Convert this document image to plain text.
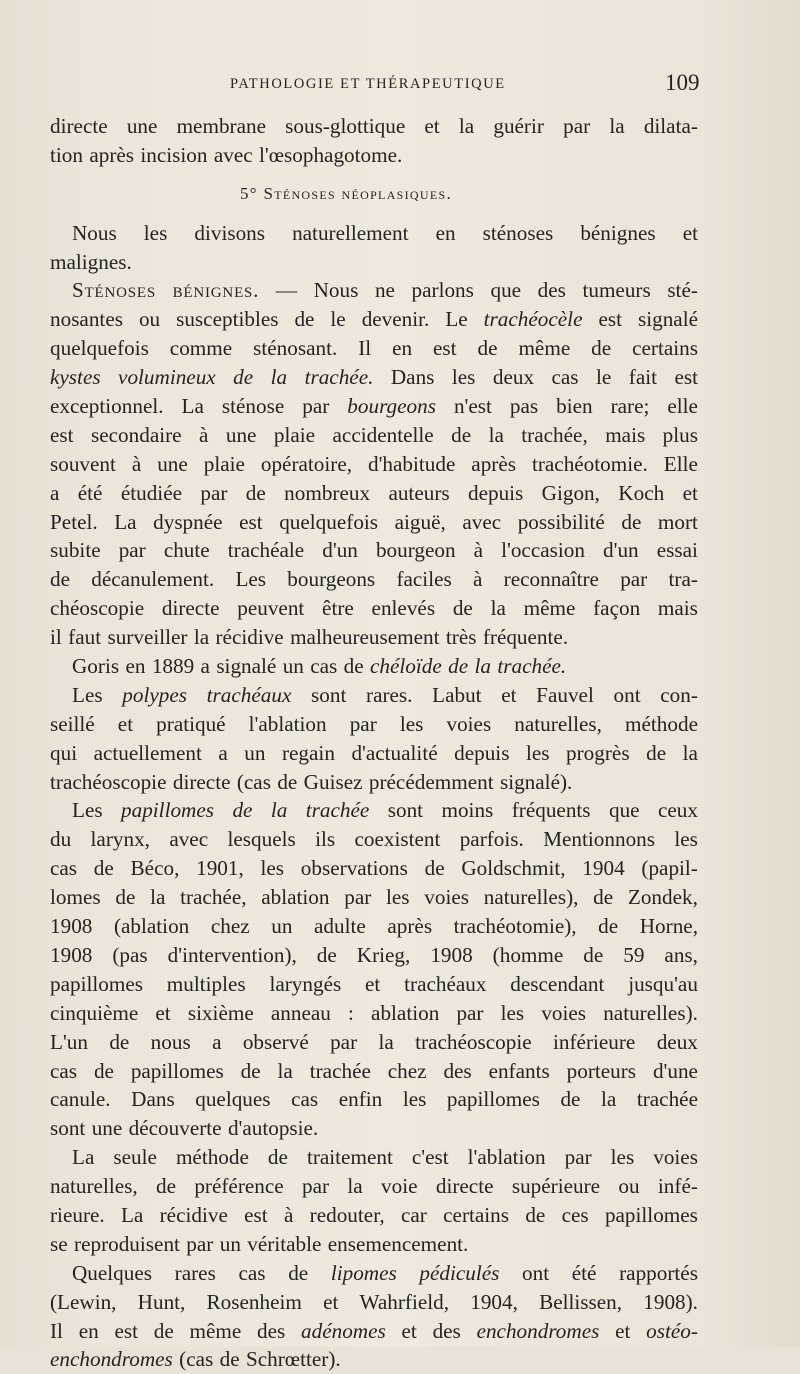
PATHOLOGIE ET THÉRAPEUTIQUE	109
directe une membrane sous-glottique et la guérir par la dilata-
tion après incision avec l'œsophagotome.
5° Sténoses néoplasiques.
Nous les divisons naturellement en sténoses bénignes et
malignes.
Sténoses bénignes. — Nous ne parlons que des tumeurs sté-
nosantes ou susceptibles de le devenir. Le trachéocèle est signalé
quelquefois comme sténosant. Il en est de même de certains
kystes volumineux de la trachée. Dans les deux cas le fait est
exceptionnel. La sténose par bourgeons n'est pas bien rare; elle
est secondaire à une plaie accidentelle de la trachée, mais plus
souvent à une plaie opératoire, d'habitude après trachéotomie. Elle
a été étudiée par de nombreux auteurs depuis Gigon, Koch et
Petel. La dyspnée est quelquefois aiguë, avec possibilité de mort
subite par chute trachéale d'un bourgeon à l'occasion d'un essai
de décanulement. Les bourgeons faciles à reconnaître par tra-
chéoscopie directe peuvent être enlevés de la même façon mais
il faut surveiller la récidive malheureusement très fréquente.
Goris en 1889 a signalé un cas de chéloïde de la trachée.
Les polypes trachéaux sont rares. Labut et Fauvel ont con-
seillé et pratiqué l'ablation par les voies naturelles, méthode
qui actuellement a un regain d'actualité depuis les progrès de la
trachéoscopie directe (cas de Guisez précédemment signalé).
Les papillomes de la trachée sont moins fréquents que ceux
du larynx, avec lesquels ils coexistent parfois. Mentionnons les
cas de Béco, 1901, les observations de Goldschmit, 1904 (papil-
lomes de la trachée, ablation par les voies naturelles), de Zondek,
1908 (ablation chez un adulte après trachéotomie), de Horne,
1908 (pas d'intervention), de Krieg, 1908 (homme de 59 ans,
papillomes multiples laryngés et trachéaux descendant jusqu'au
cinquième et sixième anneau : ablation par les voies naturelles).
L'un de nous a observé par la trachéoscopie inférieure deux
cas de papillomes de la trachée chez des enfants porteurs d'une
canule. Dans quelques cas enfin les papillomes de la trachée
sont une découverte d'autopsie.
La seule méthode de traitement c'est l'ablation par les voies
naturelles, de préférence par la voie directe supérieure ou infé-
rieure. La récidive est à redouter, car certains de ces papillomes
se reproduisent par un véritable ensemencement.
Quelques rares cas de lipomes pédiculés ont été rapportés
(Lewin, Hunt, Rosenheim et Wahrfield, 1904, Bellissen, 1908).
Il en est de même des adénomes et des enchondromes et ostéo-
enchondromes (cas de Schrœtter).
